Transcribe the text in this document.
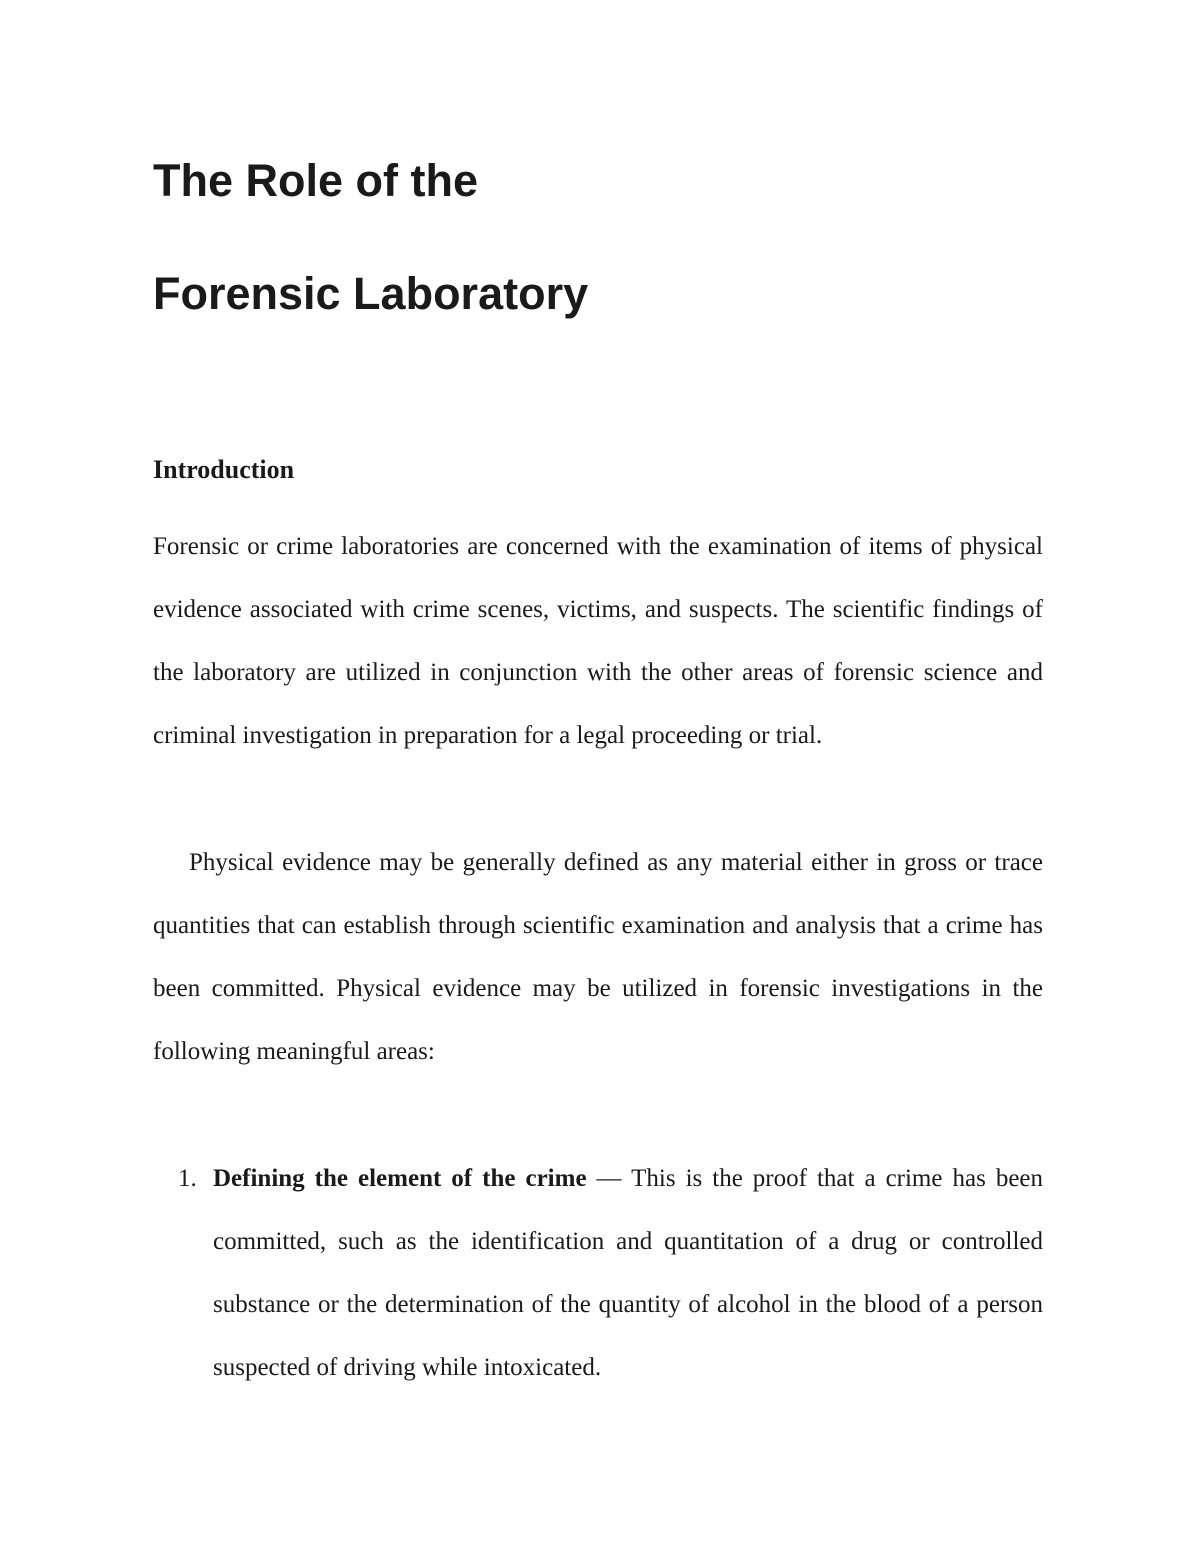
The Role of the
Forensic Laboratory
Introduction

Forensic or crime laboratories are concerned with the examination of items of physical evidence associated with crime scenes, victims, and suspects. The scientific findings of the laboratory are utilized in conjunction with the other areas of forensic science and criminal investigation in preparation for a legal proceeding or trial.

Physical evidence may be generally defined as any material either in gross or trace quantities that can establish through scientific examination and analysis that a crime has been committed. Physical evidence may be utilized in forensic investigations in the following meaningful areas:

1. Defining the element of the crime — This is the proof that a crime has been committed, such as the identification and quantitation of a drug or controlled substance or the determination of the quantity of alcohol in the blood of a person suspected of driving while intoxicated.
